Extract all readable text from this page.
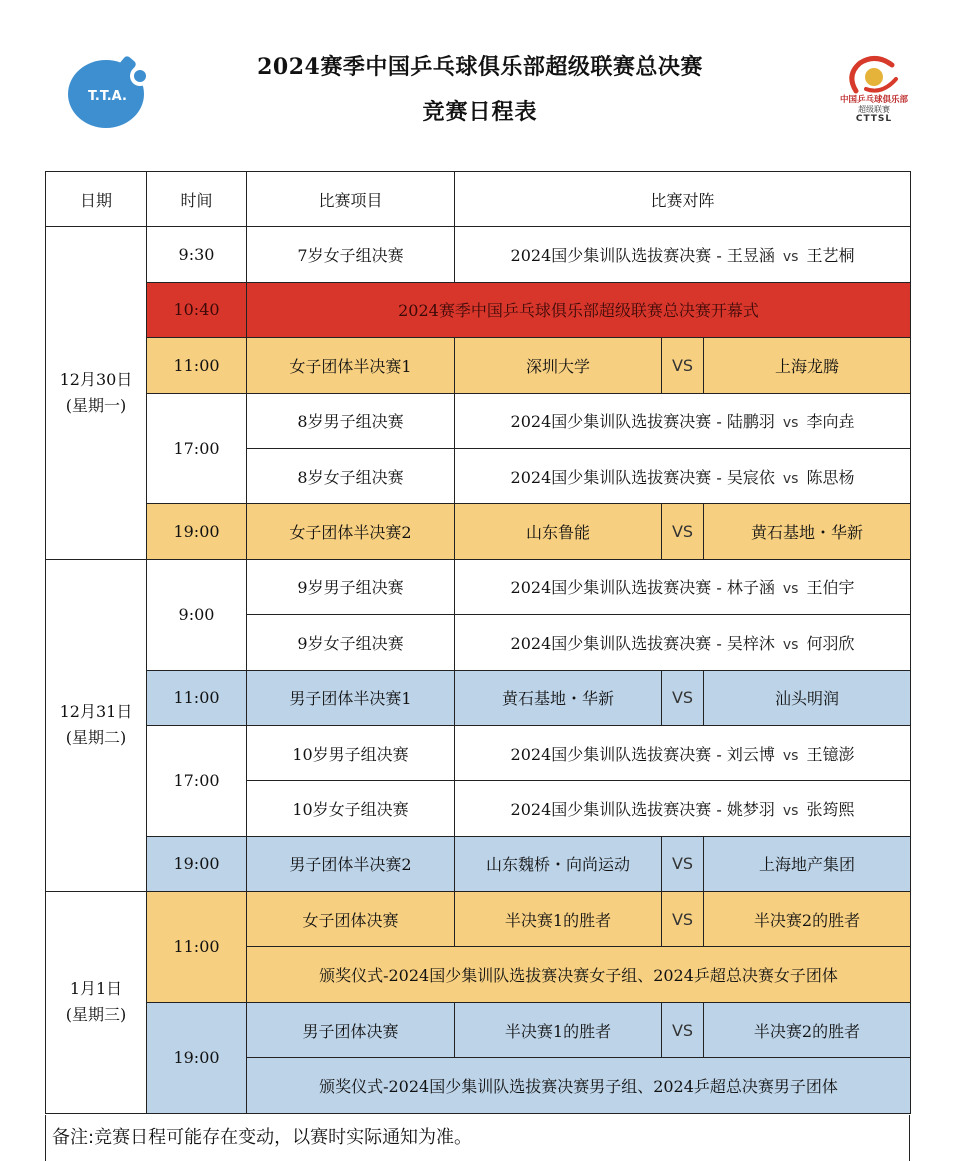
T.T.A.
2024赛季中国乒乓球俱乐部超级联赛总决赛
竞赛日程表	中国乒乓球俱乐部
超级联赛
CTTSL
日期	时间	比赛项目	比赛对阵		

12月30日
(星期一)	9:30	7岁女子组决赛	2024国少集训队选拔赛决赛 - 王昱涵 vs 王艺桐		
	10:40	2024赛季中国乒乓球俱乐部超级联赛总决赛开幕式			
	11:00	女子团体半决赛1	深圳大学	VS	上海龙腾
	17:00	8岁男子组决赛	2024国少集训队选拔赛决赛 - 陆鹏羽 vs 李向垚		
		8岁女子组决赛	2024国少集训队选拔赛决赛 - 吴宸依 vs 陈思杨		
	19:00	女子团体半决赛2	山东鲁能	VS	黄石基地・华新

12月31日
(星期二)	9:00	9岁男子组决赛	2024国少集训队选拔赛决赛 - 林子涵 vs 王伯宇		
		9岁女子组决赛	2024国少集训队选拔赛决赛 - 吴梓沐 vs 何羽欣		
	11:00	男子团体半决赛1	黄石基地・华新	VS	汕头明润
	17:00	10岁男子组决赛	2024国少集训队选拔赛决赛 - 刘云博 vs 王镱澎		
		10岁女子组决赛	2024国少集训队选拔赛决赛 - 姚梦羽 vs 张筠熙		
	19:00	男子团体半决赛2	山东魏桥・向尚运动	VS	上海地产集团

1月1日
(星期三)	11:00	女子团体决赛	半决赛1的胜者	VS	半决赛2的胜者
		颁奖仪式-2024国少集训队选拔赛决赛女子组、2024乒超总决赛女子团体			
	19:00	男子团体决赛	半决赛1的胜者	VS	半决赛2的胜者
		颁奖仪式-2024国少集训队选拔赛决赛男子组、2024乒超总决赛男子团体			
备注:竞赛日程可能存在变动，以赛时实际通知为准。
